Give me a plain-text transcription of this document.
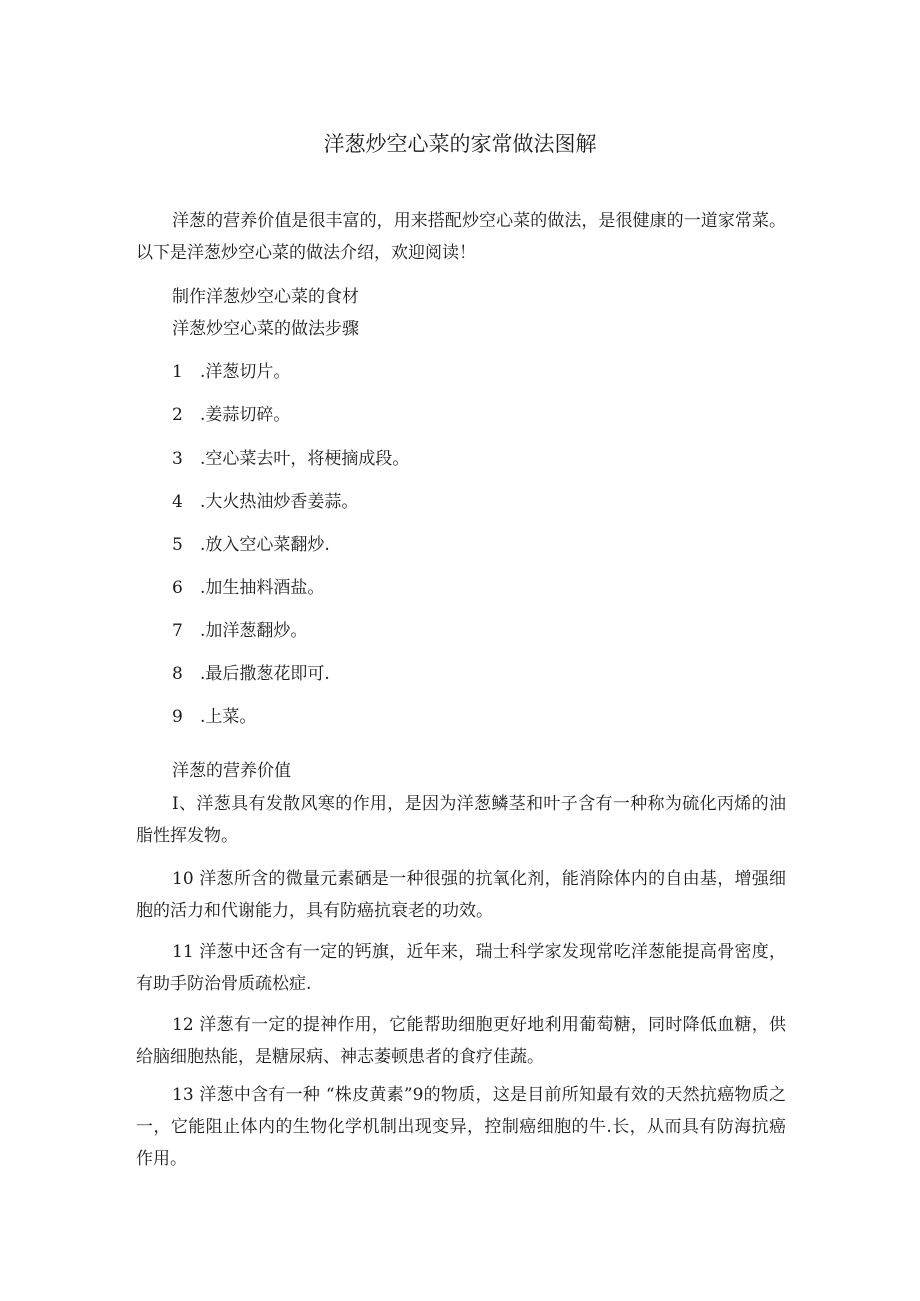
洋葱炒空心菜的家常做法图解

洋葱的营养价值是很丰富的，用来搭配炒空心菜的做法，是很健康的一道家常菜。以下是洋葱炒空心菜的做法介绍，欢迎阅读！

制作洋葱炒空心菜的食材

洋葱炒空心菜的做法步骤

1 .洋葱切片。
2 .姜蒜切碎。
3 .空心菜去叶，将梗摘成段。
4 .大火热油炒香姜蒜。
5 .放入空心菜翻炒.
6 .加生抽料酒盐。
7 .加洋葱翻炒。
8 .最后撒葱花即可.
9 .上菜。

洋葱的营养价值

I、洋葱具有发散风寒的作用，是因为洋葱鳞茎和叶子含有一种称为硫化丙烯的油脂性挥发物。

10 洋葱所含的微量元素硒是一种很强的抗氧化剂，能消除体内的自由基，增强细胞的活力和代谢能力，具有防癌抗衰老的功效。

11 洋葱中还含有一定的钙旗，近年来，瑞士科学家发现常吃洋葱能提高骨密度，有助手防治骨质疏松症.

12 洋葱有一定的提神作用，它能帮助细胞更好地利用葡萄糖，同时降低血糖，供给脑细胞热能，是糖尿病、神志萎顿患者的食疗佳蔬。

13 洋葱中含有一种 “株皮黄素”9的物质，这是目前所知最有效的天然抗癌物质之一，它能阻止体内的生物化学机制出现变异，控制癌细胞的牛.长，从而具有防海抗癌作用。
